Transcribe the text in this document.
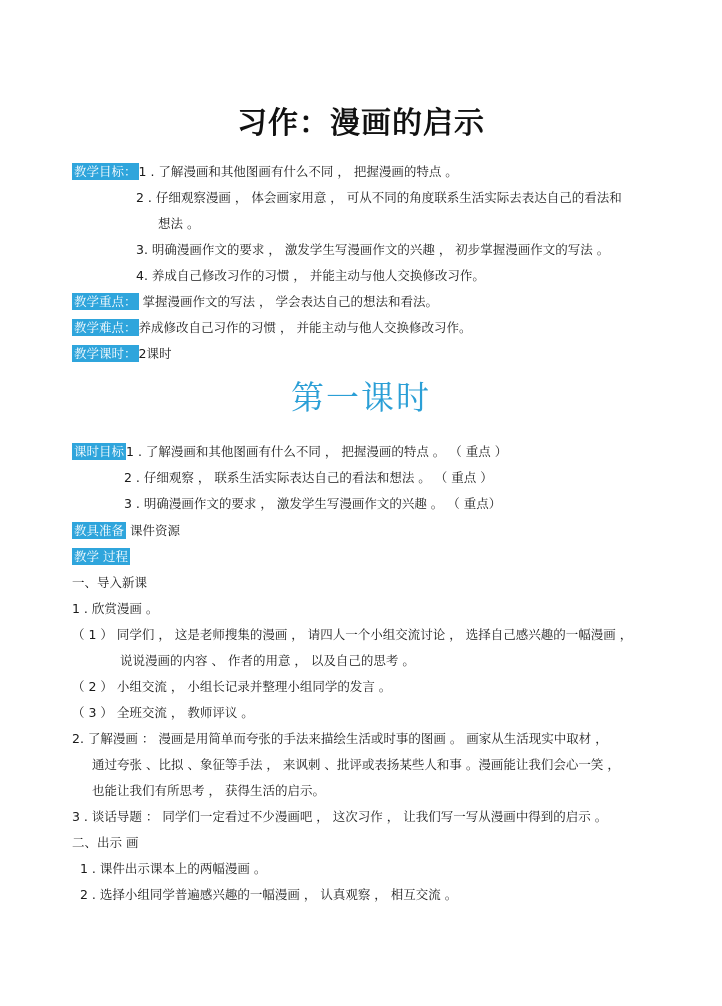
习作：漫画的启示
教学目标： 1 . 了解漫画和其他图画有什么不同 ， 把握漫画的特点 。
2 . 仔细观察漫画 ， 体会画家用意 ， 可从不同的角度联系生活实际去表达自己的看法和
想法 。
3. 明确漫画作文的要求 ， 激发学生写漫画作文的兴趣 ， 初步掌握漫画作文的写法 。
4. 养成自己修改习作的习惯 ， 并能主动与他人交换修改习作。
教学重点： 掌握漫画作文的写法 ， 学会表达自己的想法和看法。
教学难点： 养成修改自己习作的习惯 ， 并能主动与他人交换修改习作。
教学课时： 2课时
第一课时
课时目标 1 . 了解漫画和其他图画有什么不同 ， 把握漫画的特点 。 （ 重点 ）
2 . 仔细观察 ， 联系生活实际表达自己的看法和想法 。 （ 重点 ）
3 . 明确漫画作文的要求 ， 激发学生写漫画作文的兴趣 。 （ 重点）
教具准备 课件资源
教学 过程
一、导入新课
1 . 欣赏漫画 。
（ 1 ） 同学们 ， 这是老师搜集的漫画 ， 请四人一个小组交流讨论 ， 选择自己感兴趣的一幅漫画 ，
说说漫画的内容 、 作者的用意 ， 以及自己的思考 。
（ 2 ） 小组交流 ， 小组长记录并整理小组同学的发言 。
（ 3 ） 全班交流 ， 教师评议 。
2. 了解漫画 ： 漫画是用简单而夸张的手法来描绘生活或时事的图画 。 画家从生活现实中取材 ，
通过夸张 、比拟 、象征等手法 ， 来讽刺 、批评或表扬某些人和事 。漫画能让我们会心一笑 ，
也能让我们有所思考 ， 获得生活的启示。
3 . 谈话导题 ： 同学们一定看过不少漫画吧 ， 这次习作 ， 让我们写一写从漫画中得到的启示 。
二、出示 画
1 . 课件出示课本上的两幅漫画 。
2 . 选择小组同学普遍感兴趣的一幅漫画 ， 认真观察 ， 相互交流 。
